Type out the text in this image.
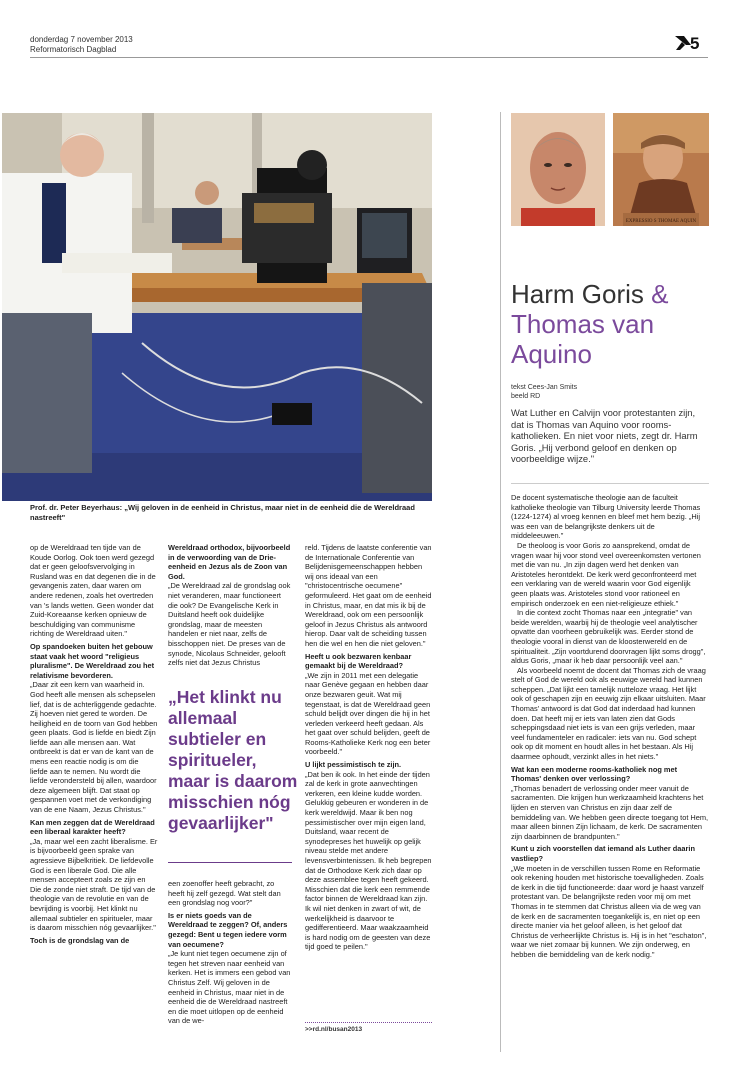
donderdag 7 november 2013
Reformatorisch Dagblad	5
Prof. dr. Peter Beyerhaus: „Wij geloven in de eenheid in Christus, maar niet in de eenheid die de Wereldraad nastreeft"

op de Wereldraad ten tijde van de Koude Oorlog. Ook toen werd gezegd dat er geen geloofsvervolging in Rusland was en dat degenen die in de gevangenis zaten, daar waren om andere redenen, zoals het overtreden van 's lands wetten. Geen wonder dat Zuid-Koreaanse kerken opnieuw de beschuldiging van communisme richting de Wereldraad uiten."

Op spandoeken buiten het gebouw staat vaak het woord "religieus pluralisme". De Wereldraad zou het relativisme bevorderen.

„Daar zit een kern van waarheid in. God heeft alle mensen als schepselen lief, dat is de achterliggende gedachte. Zij hoeven niet gered te worden. De heiligheid en de toorn van God hebben geen plaats. God is liefde en biedt Zijn liefde aan alle mensen aan. Wat ontbreekt is dat er van de kant van de mens een reactie nodig is om die liefde aan te nemen. Nu wordt die liefde verondersteld bij allen, waardoor deze algemeen blijft. Dat staat op gespannen voet met de verkondiging van de ene Naam, Jezus Christus."

Kan men zeggen dat de Wereldraad een liberaal karakter heeft?

„Ja, maar wel een zacht liberalisme. Er is bijvoorbeeld geen sprake van agressieve Bijbelkritiek. De liefdevolle God is een liberale God. Die alle mensen accepteert zoals ze zijn en Die de zonde niet straft. De tijd van de theologie van de revolutie en van de bevrijding is voorbij. Het klinkt nu allemaal subtieler en spiritueler, maar is daarom misschien nóg gevaarlijker."

Toch is de grondslag van de
Wereldraad orthodox, bijvoorbeeld in de verwoording van de Drie-eenheid en Jezus als de Zoon van God.

„De Wereldraad zal de grondslag ook niet veranderen, maar functioneert die ook? De Evangelische Kerk in Duitsland heeft ook duidelijke grondslag, maar de meesten handelen er niet naar, zelfs de bisschoppen niet. De preses van de synode, Nicolaus Schneider, gelooft zelfs niet dat Jezus Christus

„Het klinkt nu allemaal subtieler en spiritueler, maar is daarom misschien nóg gevaarlijker"

een zoenoffer heeft gebracht, zo heeft hij zelf gezegd. Wat stelt dan een grondslag nog voor?"

Is er niets goeds van de Wereldraad te zeggen? Of, anders gezegd: Bent u tegen iedere vorm van oecumene?

„Je kunt niet tegen oecumene zijn of tegen het streven naar eenheid van kerken. Het is immers een gebod van Christus Zelf. Wij geloven in de eenheid in Christus, maar niet in de eenheid die de Wereldraad nastreeft en die moet uitlopen op de eenheid van de we-

reld. Tijdens de laatste conferentie van de Internationale Conferentie van Belijdenisgemeenschappen hebben wij ons ideaal van een "christocentrische oecumene" geformuleerd. Het gaat om de eenheid in Christus, maar, en dat mis ik bij de Wereldraad, ook om een persoonlijk geloof in Jezus Christus als antwoord hierop. Daar valt de scheiding tussen hen die wel en hen die niet geloven."

Heeft u ook bezwaren kenbaar gemaakt bij de Wereldraad?

„We zijn in 2011 met een delegatie naar Genève gegaan en hebben daar onze bezwaren geuit. Wat mij tegenstaat, is dat de Wereldraad geen schuld belijdt over dingen die hij in het verleden verkeerd heeft gedaan. Als het gaat over schuld belijden, geeft de Rooms-Katholieke Kerk nog een beter voorbeeld."

U lijkt pessimistisch te zijn.

„Dat ben ik ook. In het einde der tijden zal de kerk in grote aanvechtingen verkeren, een kleine kudde worden. Gelukkig gebeuren er wonderen in de kerk wereldwijd. Maar ik ben nog pessimistischer over mijn eigen land, Duitsland, waar recent de synodepreses het huwelijk op gelijk niveau stelde met andere levensverbintenissen. Ik heb begrepen dat de Orthodoxe Kerk zich daar op deze assemblee tegen heeft gekeerd. Misschien dat die kerk een remmende factor binnen de Wereldraad kan zijn. Ik wil niet denken in zwart of wit, de werkelijkheid is daarvoor te gedifferentieerd. Maar waakzaamheid is hard nodig om de geesten van deze tijd goed te peilen."

>>rd.nl/busan2013
EXPRESSIO S THOMAE AQUIN
Harm Goris &
Thomas van
Aquino
tekst Cees-Jan Smits
beeld RD
Wat Luther en Calvijn voor protestanten zijn, dat is Thomas van Aquino voor rooms-katholieken. En niet voor niets, zegt dr. Harm Goris. „Hij verbond geloof en denken op voorbeeldige wijze."

De docent systematische theologie aan de faculteit katholieke theologie van Tilburg University leerde Thomas (1224-1274) al vroeg kennen en bleef met hem bezig. „Hij was een van de belangrijkste denkers uit de middeleeuwen."

De theoloog is voor Goris zo aansprekend, omdat de vragen waar hij voor stond veel overeenkomsten vertonen met die van nu. „In zijn dagen werd het denken van Aristoteles herontdekt. De kerk werd geconfronteerd met een verklaring van de wereld waarin voor God eigenlijk geen plaats was. Aristoteles stond voor rationeel en empirisch onderzoek en een niet-religieuze ethiek."

In die context zocht Thomas naar een „integratie" van beide werelden, waarbij hij de theologie veel analytischer opvatte dan voorheen gebruikelijk was. Eerder stond de theologie vooral in dienst van de kloosterwereld en de spiritualiteit. „Zijn voortdurend doorvragen lijkt soms drogg", aldus Goris, „maar ik heb daar persoonlijk veel aan."

Als voorbeeld noemt de docent dat Thomas zich de vraag stelt of God de wereld ook als eeuwige wereld had kunnen scheppen. „Dat lijkt een tamelijk nutteloze vraag. Het lijkt ook of geschapen zijn en eeuwig zijn elkaar uitsluiten. Maar Thomas' antwoord is dat God dat inderdaad had kunnen doen. Dat heeft mij er iets van laten zien dat Gods scheppingsdaad niet iets is van een grijs verleden, maar veel fundamenteler en radicaler: iets van nu. God schept ook op dit moment en houdt alles in het bestaan. Als Hij daarmee ophoudt, verzinkt alles in het niets."

Wat kan een moderne rooms-katholiek nog met Thomas' denken over verlossing?

„Thomas benadert de verlossing onder meer vanuit de sacramenten. Die krijgen hun werkzaamheid krachtens het lijden en sterven van Christus en zijn daar zelf de bemiddeling van. We hebben geen directe toegang tot Hem, maar alleen binnen Zijn lichaam, de kerk. De sacramenten zijn daarbinnen de brandpunten."

Kunt u zich voorstellen dat iemand als Luther daarin vastliep?

„We moeten in de verschillen tussen Rome en Reformatie ook rekening houden met historische toevalligheden. Zoals de kerk in die tijd functioneerde: daar word je haast vanzelf protestant van. De belangrijkste reden voor mij om met Thomas in te stemmen dat Christus alleen via de weg van de kerk en de sacramenten toegankelijk is, en niet op een directe manier via het geloof alleen, is het geloof dat Christus de verheerlijkte Christus is. Hij is in het "eschaton", waar we niet zomaar bij kunnen. We zijn onderweg, en hebben die bemiddeling van de kerk nodig."
